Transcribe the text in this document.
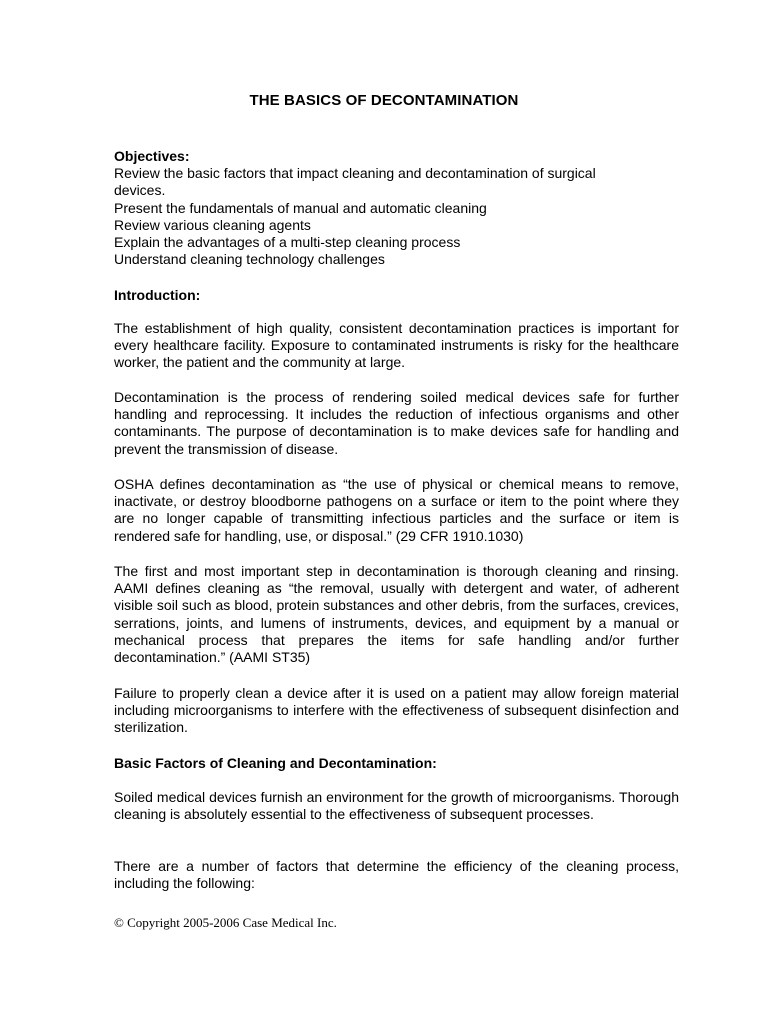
THE BASICS OF DECONTAMINATION

Objectives:

Review the basic factors that impact cleaning and decontamination of surgical devices.
Present the fundamentals of manual and automatic cleaning
Review various cleaning agents
Explain the advantages of a multi-step cleaning process
Understand cleaning technology challenges

Introduction:

The establishment of high quality, consistent decontamination practices is important for every healthcare facility. Exposure to contaminated instruments is risky for the healthcare worker, the patient and the community at large.

Decontamination is the process of rendering soiled medical devices safe for further handling and reprocessing. It includes the reduction of infectious organisms and other contaminants. The purpose of decontamination is to make devices safe for handling and prevent the transmission of disease.

OSHA defines decontamination as “the use of physical or chemical means to remove, inactivate, or destroy bloodborne pathogens on a surface or item to the point where they are no longer capable of transmitting infectious particles and the surface or item is rendered safe for handling, use, or disposal.” (29 CFR 1910.1030)

The first and most important step in decontamination is thorough cleaning and rinsing. AAMI defines cleaning as “the removal, usually with detergent and water, of adherent visible soil such as blood, protein substances and other debris, from the surfaces, crevices, serrations, joints, and lumens of instruments, devices, and equipment by a manual or mechanical process that prepares the items for safe handling and/or further decontamination.” (AAMI ST35)

Failure to properly clean a device after it is used on a patient may allow foreign material including microorganisms to interfere with the effectiveness of subsequent disinfection and sterilization.

Basic Factors of Cleaning and Decontamination:

Soiled medical devices furnish an environment for the growth of microorganisms. Thorough cleaning is absolutely essential to the effectiveness of subsequent processes.

There are a number of factors that determine the efficiency of the cleaning process, including the following:

© Copyright 2005-2006 Case Medical Inc.
